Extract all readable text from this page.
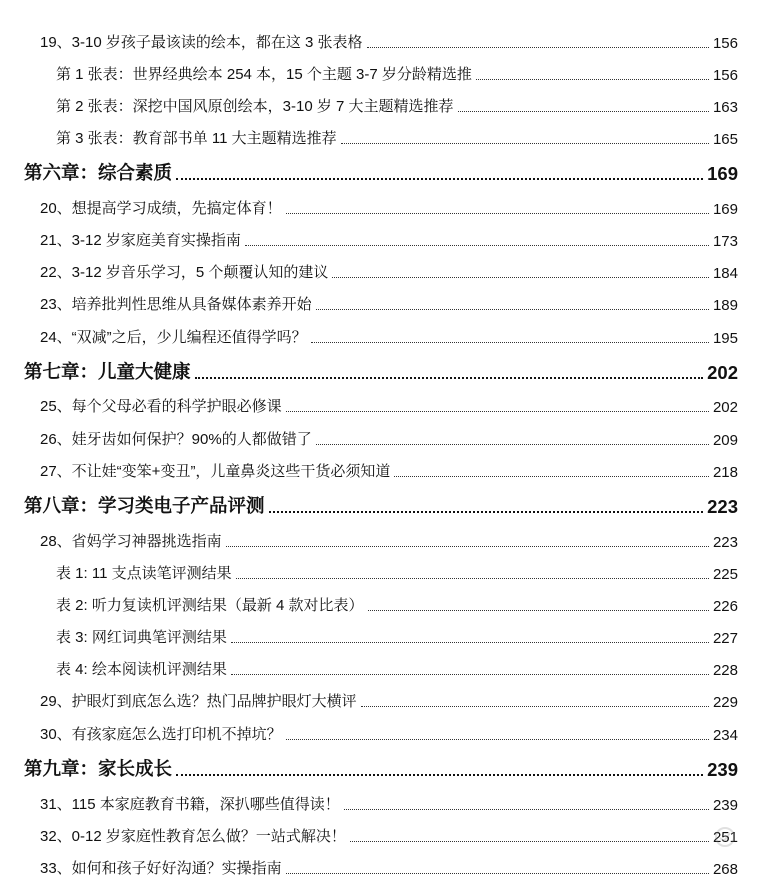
19、3-10 岁孩子最该读的绘本，都在这 3 张表格	156
第 1 张表：世界经典绘本 254 本，15 个主题 3-7 岁分龄精选推	156
第 2 张表：深挖中国风原创绘本，3-10 岁 7 大主题精选推荐	163
第 3 张表：教育部书单 11 大主题精选推荐	165
第六章：综合素质	169
20、想提高学习成绩，先搞定体育！	169
21、3-12 岁家庭美育实操指南	173
22、3-12 岁音乐学习，5 个颠覆认知的建议	184
23、培养批判性思维从具备媒体素养开始	189
24、“双减”之后，少儿编程还值得学吗？	195
第七章：儿童大健康	202
25、每个父母必看的科学护眼必修课	202
26、娃牙齿如何保护？90%的人都做错了	209
27、不让娃“变笨+变丑”，儿童鼻炎这些干货必须知道	218
第八章：学习类电子产品评测	223
28、省妈学习神器挑选指南	223
表 1: 11 支点读笔评测结果	225
表 2: 听力复读机评测结果（最新 4 款对比表）	226
表 3: 网红词典笔评测结果	227
表 4: 绘本阅读机评测结果	228
29、护眼灯到底怎么选？热门品牌护眼灯大横评	229
30、有孩家庭怎么选打印机不掉坑？	234
第九章：家长成长	239
31、115 本家庭教育书籍，深扒哪些值得读！	239
32、0-12 岁家庭性教育怎么做？一站式解决！	251
33、如何和孩子好好沟通？实操指南	268
